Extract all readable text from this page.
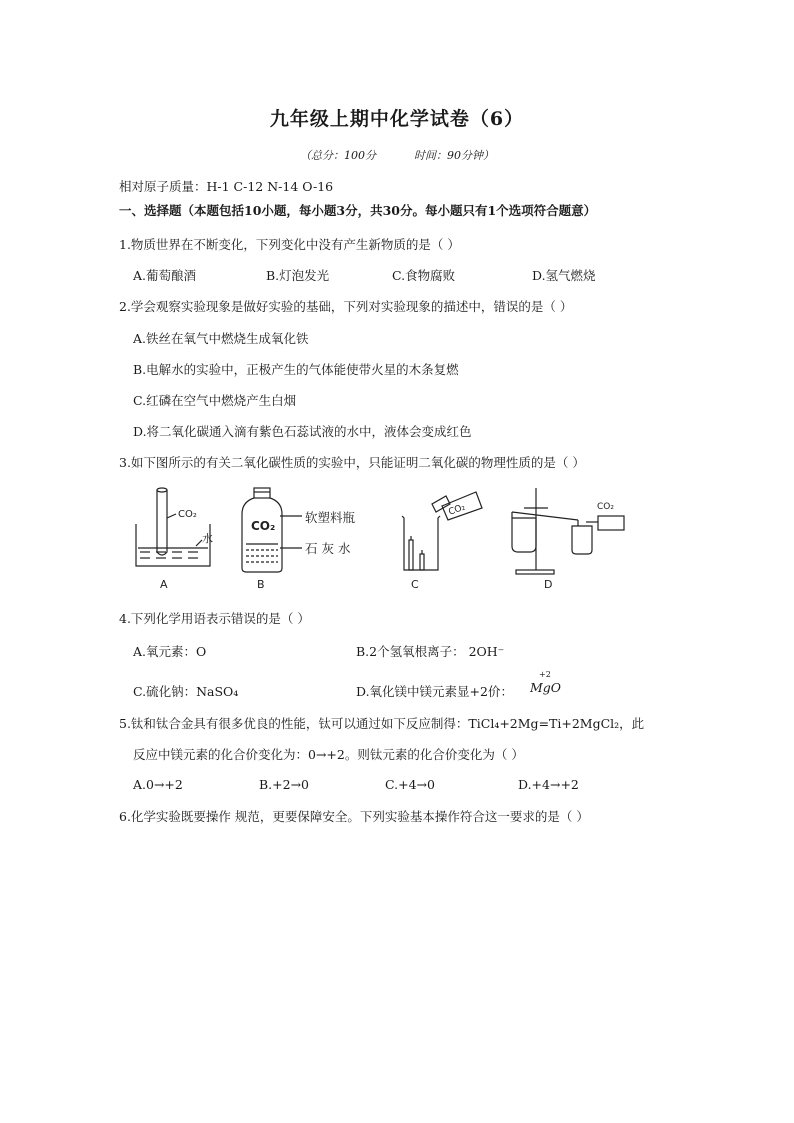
九年级上期中化学试卷（6）
（总分：100分	时间：90分钟）
相对原子质量：H-1 C-12 N-14 O-16
一、选择题（本题包括10小题，每小题3分，共30分。每小题只有1个选项符合题意）
1.物质世界在不断变化，下列变化中没有产生新物质的是（ ）
A.葡萄酿酒	B.灯泡发光	C.食物腐败	D.氢气燃烧
2.学会观察实验现象是做好实验的基础，下列对实验现象的描述中，错误的是（ ）
A.铁丝在氧气中燃烧生成氧化铁
B.电解水的实验中，正极产生的气体能使带火星的木条复燃
C.红磷在空气中燃烧产生白烟
D.将二氧化碳通入滴有紫色石蕊试液的水中，液体会变成红色
3.如下图所示的有关二氧化碳性质的实验中，只能证明二氧化碳的物理性质的是（ ）
CO₂
水
A
CO₂
软塑料瓶
石 灰 水
B
CO₂
C
CO₂
D
4.下列化学用语表示错误的是（ ）
A.氧元素：O	B.2个氢氧根离子： 2OH⁻
C.硫化钠：NaSO₄	D.氧化镁中镁元素显+2价：
+2
MgO
5.钛和钛合金具有很多优良的性能，钛可以通过如下反应制得：TiCl₄+2Mg=Ti+2MgCl₂，此
反应中镁元素的化合价变化为：0→+2。则钛元素的化合价变化为（ ）
A.0→+2	B.+2→0	C.+4→0	D.+4→+2
6.化学实验既要操作 规范，更要保障安全。下列实验基本操作符合这一要求的是（ ）
